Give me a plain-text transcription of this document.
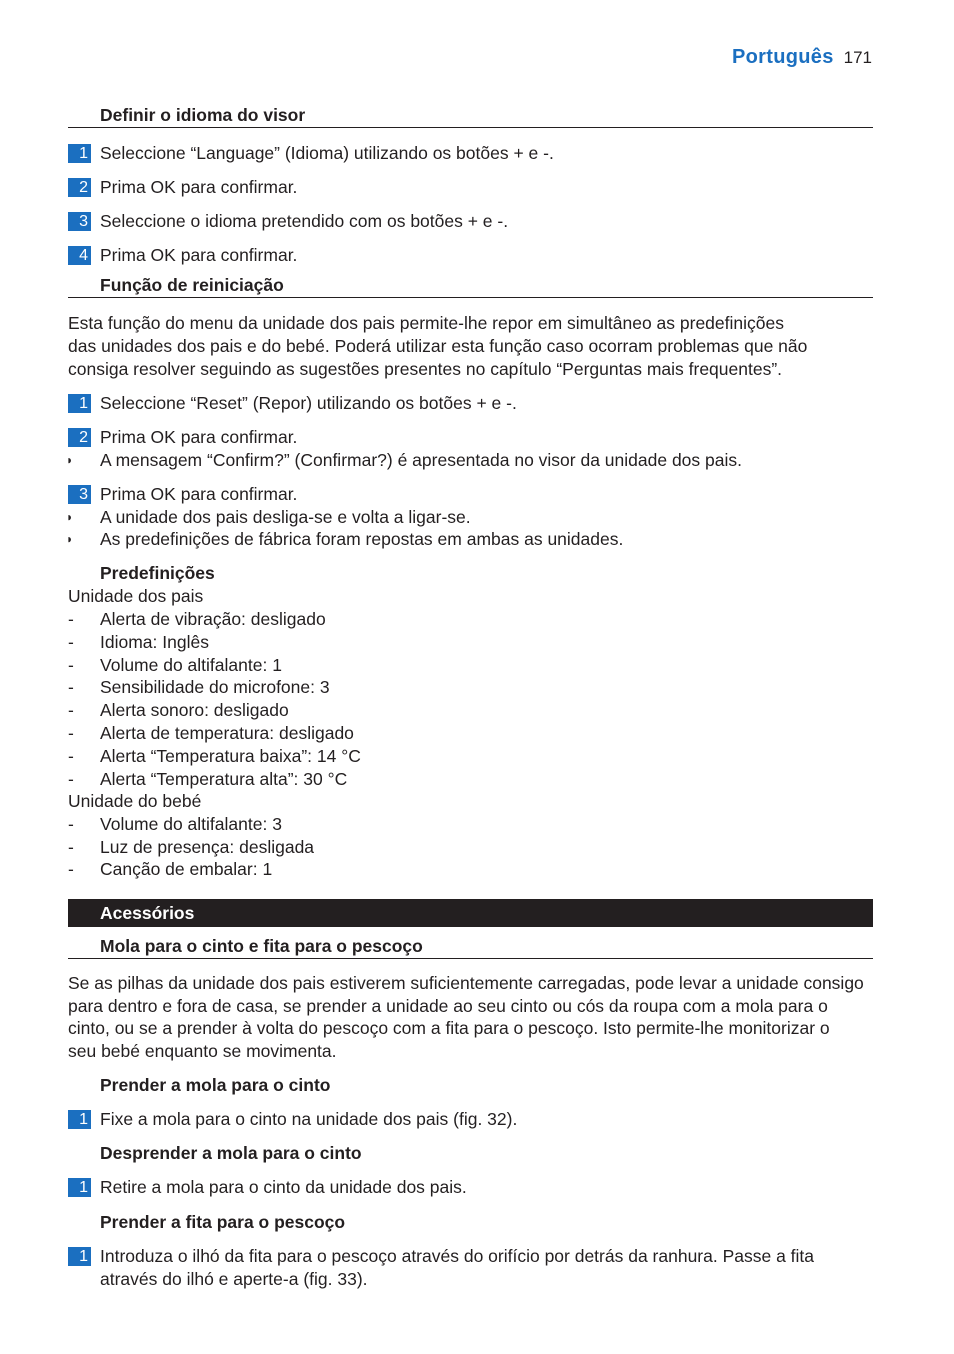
Português 171
Definir o idioma do visor
1 Seleccione “Language” (Idioma) utilizando os botões + e -.
2 Prima OK para confirmar.
3 Seleccione o idioma pretendido com os botões + e -.
4 Prima OK para confirmar.
Função de reiniciação
Esta função do menu da unidade dos pais permite-lhe repor em simultâneo as predefinições
das unidades dos pais e do bebé. Poderá utilizar esta função caso ocorram problemas que não
consiga resolver seguindo as sugestões presentes no capítulo “Perguntas mais frequentes”.
1 Seleccione “Reset” (Repor) utilizando os botões + e -.
2 Prima OK para confirmar.
◗ A mensagem “Confirm?” (Confirmar?) é apresentada no visor da unidade dos pais.
3 Prima OK para confirmar.
◗ A unidade dos pais desliga-se e volta a ligar-se.
◗ As predefinições de fábrica foram repostas em ambas as unidades.
Predefinições
Unidade dos pais
- Alerta de vibração: desligado
- Idioma: Inglês
- Volume do altifalante: 1
- Sensibilidade do microfone: 3
- Alerta sonoro: desligado
- Alerta de temperatura: desligado
- Alerta “Temperatura baixa”: 14 °C
- Alerta “Temperatura alta”: 30 °C
Unidade do bebé
- Volume do altifalante: 3
- Luz de presença: desligada
- Canção de embalar: 1
Acessórios
Mola para o cinto e fita para o pescoço
Se as pilhas da unidade dos pais estiverem suficientemente carregadas, pode levar a unidade consigo
para dentro e fora de casa, se prender a unidade ao seu cinto ou cós da roupa com a mola para o
cinto, ou se a prender à volta do pescoço com a fita para o pescoço. Isto permite-lhe monitorizar o
seu bebé enquanto se movimenta.
Prender a mola para o cinto
1 Fixe a mola para o cinto na unidade dos pais (fig. 32).
Desprender a mola para o cinto
1 Retire a mola para o cinto da unidade dos pais.
Prender a fita para o pescoço
1 Introduza o ilhó da fita para o pescoço através do orifício por detrás da ranhura. Passe a fita
através do ilhó e aperte-a (fig. 33).
